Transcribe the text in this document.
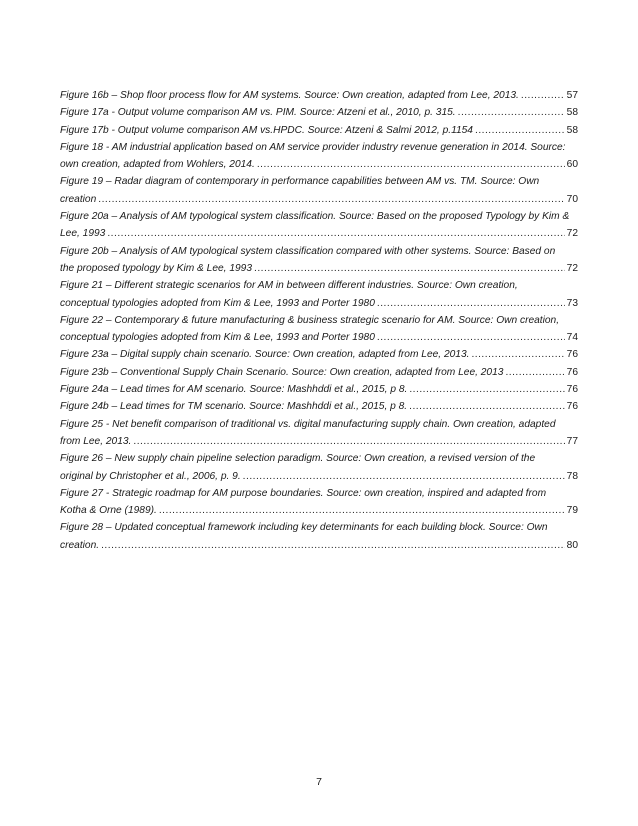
Figure 16b – Shop floor process flow for AM systems. Source: Own creation, adapted from Lee, 2013. .....	57
Figure 17a - Output volume comparison AM vs. PIM. Source: Atzeni et al., 2010, p. 315. .....	58
Figure 17b - Output volume comparison AM vs.HPDC. Source: Atzeni & Salmi 2012, p.1154 .....	58
Figure 18 - AM industrial application based on AM service provider industry revenue generation in 2014. Source:
own creation, adapted from Wohlers, 2014. .....	60
Figure 19 – Radar diagram of contemporary in performance capabilities between AM vs. TM. Source: Own
creation .....	70
Figure 20a – Analysis of AM typological system classification. Source: Based on the proposed Typology by Kim &
Lee, 1993 .....	72
Figure 20b – Analysis of AM typological system classification compared with other systems. Source: Based on
the proposed typology by Kim & Lee, 1993 .....	72
Figure 21 – Different strategic scenarios for AM in between different industries. Source: Own creation,
conceptual typologies adopted from Kim & Lee, 1993 and Porter 1980 .....	73
Figure 22 – Contemporary & future manufacturing & business strategic scenario for AM. Source: Own creation,
conceptual typologies adopted from Kim & Lee, 1993 and Porter 1980 .....	74
Figure 23a – Digital supply chain scenario. Source: Own creation, adapted from Lee, 2013. .....	76
Figure 23b – Conventional Supply Chain Scenario. Source: Own creation, adapted from Lee, 2013 .....	76
Figure 24a – Lead times for AM scenario. Source: Mashhddi et al., 2015, p 8. .....	76
Figure 24b – Lead times for TM scenario. Source: Mashhddi et al., 2015, p 8. .....	76
Figure 25 - Net benefit comparison of traditional vs. digital manufacturing supply chain. Own creation, adapted
from Lee, 2013. .....	77
Figure 26 – New supply chain pipeline selection paradigm. Source: Own creation, a revised version of the
original by Christopher et al., 2006, p. 9. .....	78
Figure 27 - Strategic roadmap for AM purpose boundaries. Source: own creation, inspired and adapted from
Kotha & Orne (1989). .....	79
Figure 28 – Updated conceptual framework including key determinants for each building block. Source: Own
creation. .....	80
7
